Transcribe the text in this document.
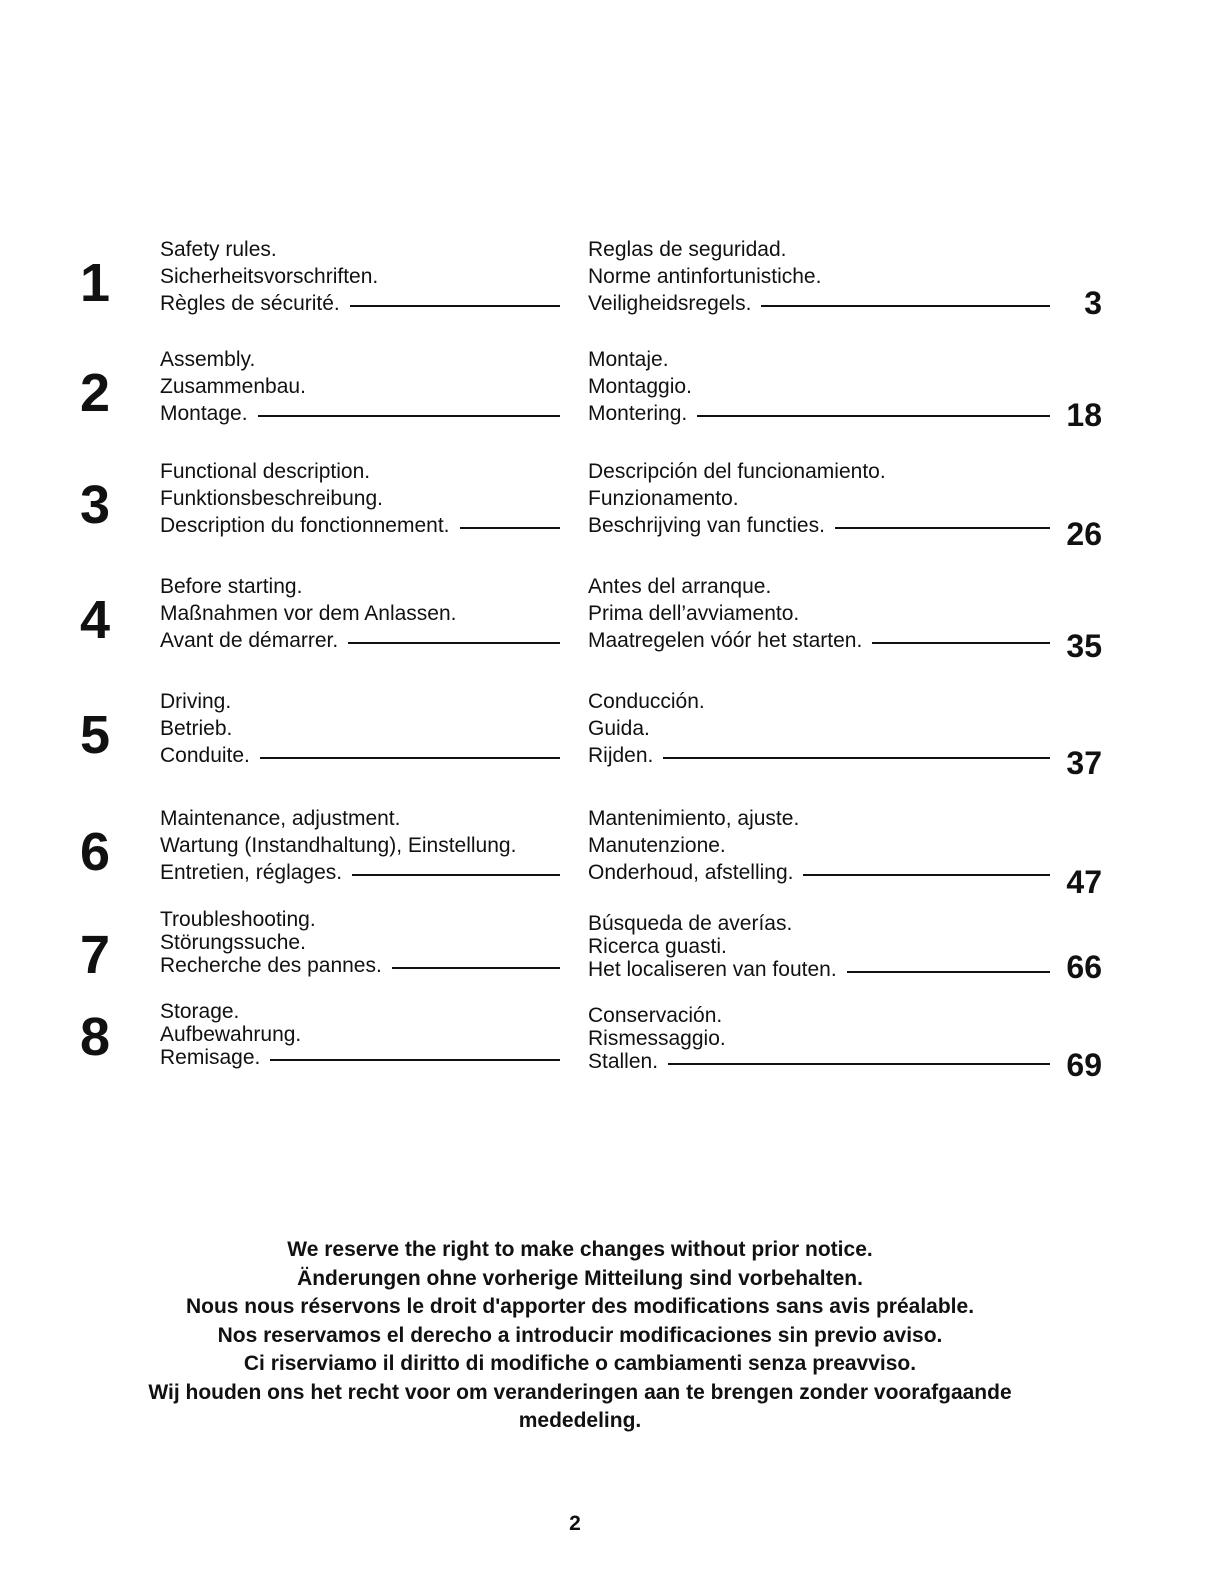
1
Safety rules.
Sicherheitsvorschriften.
Règles de sécurité.
Reglas de seguridad.
Norme antinfortunistiche.
Veiligheidsregels.	3
2
Assembly.
Zusammenbau.
Montage.
Montaje.
Montaggio.
Montering.	18
3
Functional description.
Funktionsbeschreibung.
Description du fonctionnement.
Descripción del funcionamiento.
Funzionamento.
Beschrijving van functies.	26
4
Before starting.
Maßnahmen vor dem Anlassen.
Avant de démarrer.
Antes del arranque.
Prima dell’avviamento.
Maatregelen vóór het starten.	35
5
Driving.
Betrieb.
Conduite.
Conducción.
Guida.
Rijden.	37
6
Maintenance, adjustment.
Wartung (Instandhaltung), Einstellung.
Entretien, réglages.
Mantenimiento, ajuste.
Manutenzione.
Onderhoud, afstelling.	47
7
Troubleshooting.
Störungssuche.
Recherche des pannes.
Búsqueda de averías.
Ricerca guasti.
Het localiseren van fouten.	66
8	Storage.
Aufbewahrung.
Remisage.
Conservación.
Rismessaggio.
Stallen.	69
We reserve the right to make changes without prior notice.
Änderungen ohne vorherige Mitteilung sind vorbehalten.
Nous nous réservons le droit d'apporter des modifications sans avis préalable.
Nos reservamos el derecho a introducir modificaciones sin previo aviso.
Ci riserviamo il diritto di modifiche o cambiamenti senza preavviso.
Wij houden ons het recht voor om veranderingen aan te brengen zonder voorafgaande
mededeling.
2
